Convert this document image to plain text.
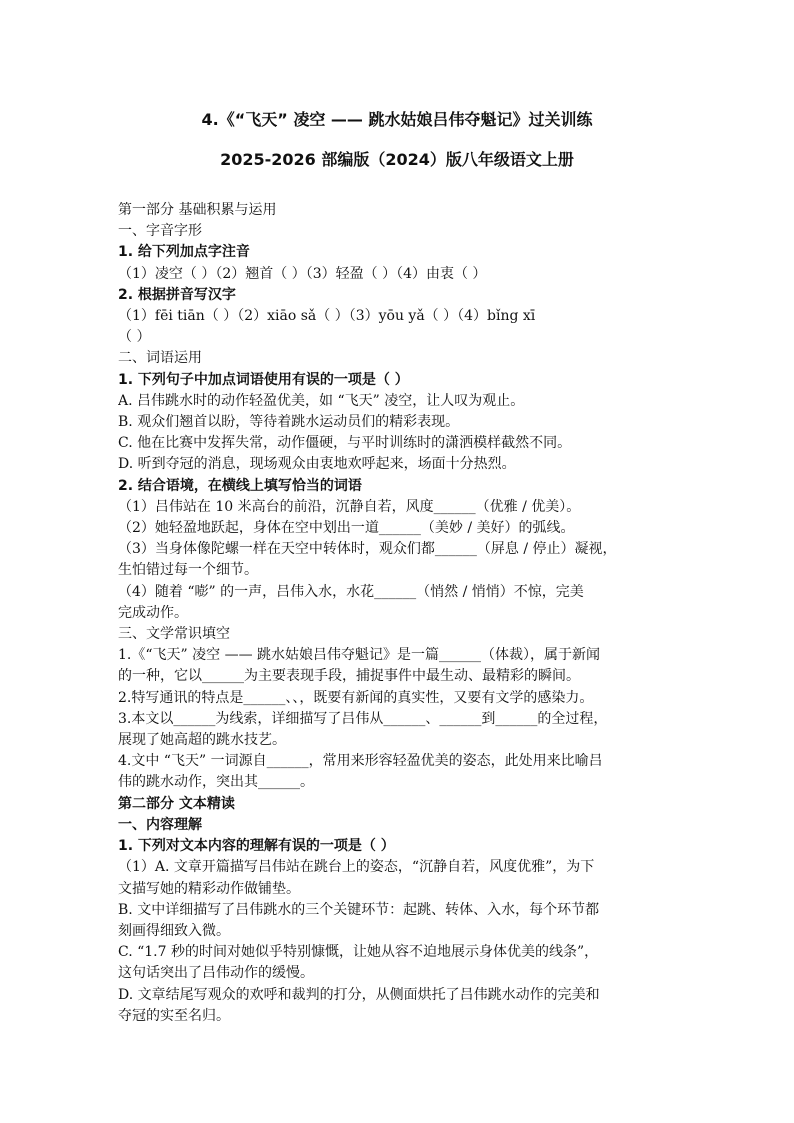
4.《“飞天” 凌空 —— 跳水姑娘吕伟夺魁记》过关训练
2025-2026 部编版（2024）版八年级语文上册
第一部分 基础积累与运用
一、字音字形
1. 给下列加点字注音
（1）凌空（ ）（2）翘首（ ）（3）轻盈（ ）（4）由衷（ ）
2. 根据拼音写汉字
（1）fēi tiān（ ）（2）xiāo sǎ（ ）（3）yōu yǎ（ ）（4）bǐng xī
（ ）
二、词语运用
1. 下列句子中加点词语使用有误的一项是（ ）
A. 吕伟跳水时的动作轻盈优美，如 “飞天” 凌空，让人叹为观止。
B. 观众们翘首以盼，等待着跳水运动员们的精彩表现。
C. 他在比赛中发挥失常，动作僵硬，与平时训练时的潇洒模样截然不同。
D. 听到夺冠的消息，现场观众由衷地欢呼起来，场面十分热烈。
2. 结合语境，在横线上填写恰当的词语
（1）吕伟站在 10 米高台的前沿，沉静自若，风度______（优雅 / 优美）。
（2）她轻盈地跃起，身体在空中划出一道______（美妙 / 美好）的弧线。
（3）当身体像陀螺一样在天空中转体时，观众们都______（屏息 / 停止）凝视，
生怕错过每一个细节。
（4）随着 “嘭” 的一声，吕伟入水，水花______（悄然 / 悄悄）不惊，完美
完成动作。
三、文学常识填空
1.《“飞天” 凌空 —— 跳水姑娘吕伟夺魁记》是一篇______（体裁），属于新闻
的一种，它以______为主要表现手段，捕捉事件中最生动、最精彩的瞬间。
2.特写通讯的特点是______、、，既要有新闻的真实性，又要有文学的感染力。
3.本文以______为线索，详细描写了吕伟从______、______到______的全过程，
展现了她高超的跳水技艺。
4.文中 “飞天” 一词源自______，常用来形容轻盈优美的姿态，此处用来比喻吕
伟的跳水动作，突出其______。
第二部分 文本精读
一、内容理解
1. 下列对文本内容的理解有误的一项是（ ）
（1）A. 文章开篇描写吕伟站在跳台上的姿态，“沉静自若，风度优雅”，为下
文描写她的精彩动作做铺垫。
B. 文中详细描写了吕伟跳水的三个关键环节：起跳、转体、入水，每个环节都
刻画得细致入微。
C. “1.7 秒的时间对她似乎特别慷慨，让她从容不迫地展示身体优美的线条”，
这句话突出了吕伟动作的缓慢。
D. 文章结尾写观众的欢呼和裁判的打分，从侧面烘托了吕伟跳水动作的完美和
夺冠的实至名归。
